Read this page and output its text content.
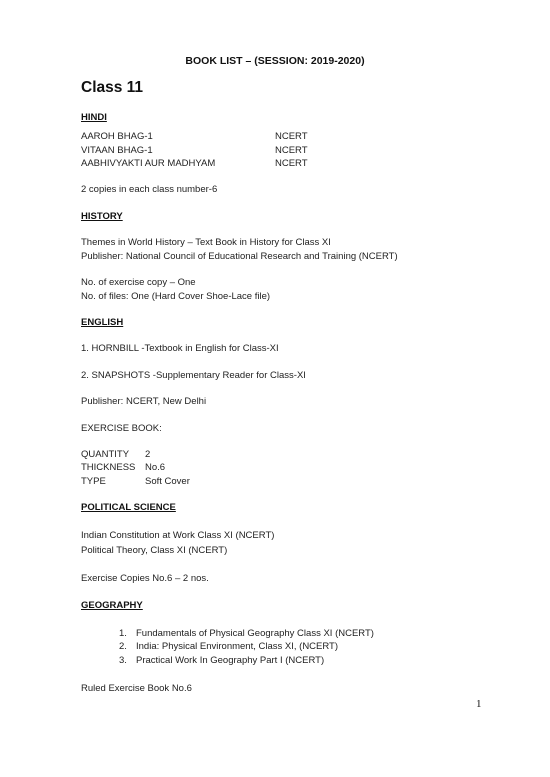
BOOK LIST – (SESSION: 2019-2020)
Class 11
HINDI
AAROH BHAG-1	NCERT
VITAAN BHAG-1	NCERT
AABHIVYAKTI AUR MADHYAM	NCERT
2 copies in each class number-6
HISTORY
Themes in World History – Text Book in History for Class XI
Publisher: National Council of Educational Research and Training (NCERT)
No. of exercise copy – One
No. of files: One (Hard Cover Shoe-Lace file)
ENGLISH
1. HORNBILL -Textbook in English for Class-XI
2. SNAPSHOTS -Supplementary Reader for Class-XI
Publisher: NCERT, New Delhi
EXERCISE BOOK:
QUANTITY 2
THICKNESS No.6
TYPE	Soft Cover
POLITICAL SCIENCE
Indian Constitution at Work Class XI (NCERT)
Political Theory, Class XI (NCERT)
Exercise Copies No.6 – 2 nos.
GEOGRAPHY
1. Fundamentals of Physical Geography Class XI (NCERT)
2. India: Physical Environment, Class XI, (NCERT)
3. Practical Work In Geography Part I (NCERT)
Ruled Exercise Book No.6
1
